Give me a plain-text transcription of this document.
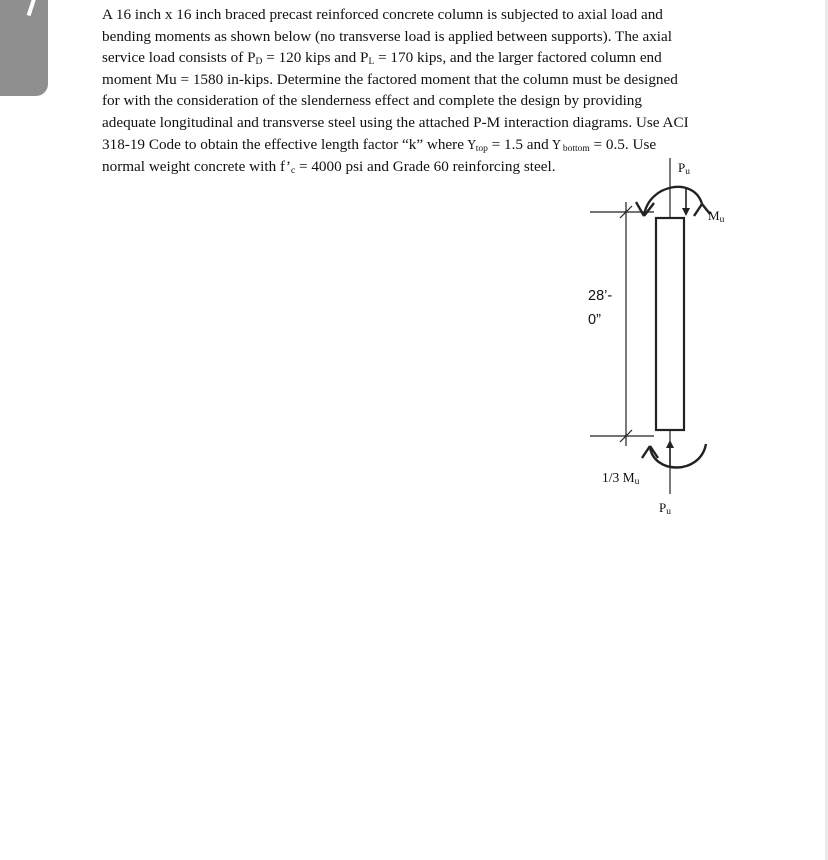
A 16 inch x 16 inch braced precast reinforced concrete column is subjected to axial load and

bending moments as shown below (no transverse load is applied between supports). The axial

service load consists of $P_D = 120$ kips and $P_L = 170$ kips, and the larger factored column end

moment Mu = 1580 in-kips. Determine the factored moment that the column must be designed

for with the consideration of the slenderness effect and complete the design by providing

adequate longitudinal and transverse steel using the attached P-M interaction diagrams. Use ACI

318-19 Code to obtain the effective length factor “k” where $\Upsilon_{top} = 1.5$ and Υ $_{bottom}$ = 0.5. Use

normal weight concrete with $f’_c = 4000$ psi and Grade 60 reinforcing steel.

28’-
0”
$P_u$
$M_u$
1/3 $M_u$
$P_u$
